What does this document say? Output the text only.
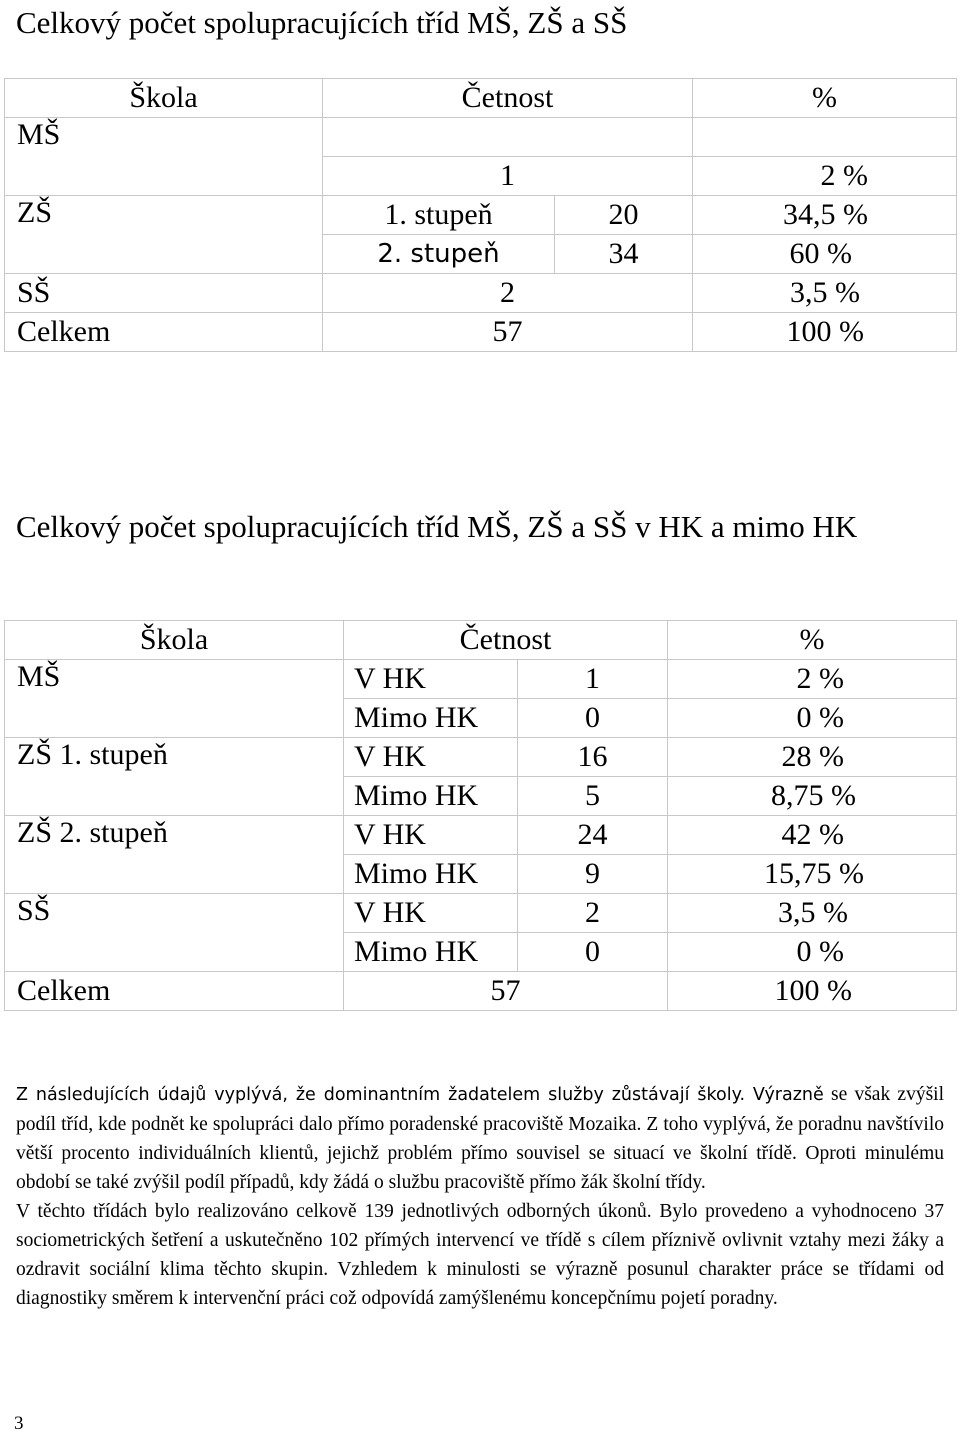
Celkový počet spolupracujících tříd MŠ, ZŠ a SŠ
Škola	Četnost		%
MŠ			
	1		2 %
ZŠ	1. stupeň	20	34,5 %
	2. stupeň	34	60 %
SŠ	2		3,5 %
Celkem	57		100 %
Celkový počet spolupracujících tříd MŠ, ZŠ a SŠ v HK a mimo HK
Škola	Četnost		%
MŠ	V HK	1	2 %
	Mimo HK	0	0 %
ZŠ 1. stupeň	V HK	16	28 %
	Mimo HK	5	8,75 %
ZŠ 2. stupeň	V HK	24	42 %
	Mimo HK	9	15,75 %
SŠ	V HK	2	3,5 %
	Mimo HK	0	0 %
Celkem	57		100 %

Z následujících údajů vyplývá, že dominantním žadatelem služby zůstávají školy. Výrazně se však zvýšil podíl tříd, kde podnět ke spolupráci dalo přímo poradenské pracoviště Mozaika. Z toho vyplývá, že poradnu navštívilo větší procento individuálních klientů, jejichž problém přímo souvisel se situací ve školní třídě. Oproti minulému období se také zvýšil podíl případů, kdy žádá o službu pracoviště přímo žák školní třídy.

V těchto třídách bylo realizováno celkově 139 jednotlivých odborných úkonů. Bylo provedeno a vyhodnoceno 37 sociometrických šetření a uskutečněno 102 přímých intervencí ve třídě s cílem příznivě ovlivnit vztahy mezi žáky a ozdravit sociální klima těchto skupin. Vzhledem k minulosti se výrazně posunul charakter práce se třídami od diagnostiky směrem k intervenční práci což odpovídá zamýšlenému koncepčnímu pojetí poradny.

3
